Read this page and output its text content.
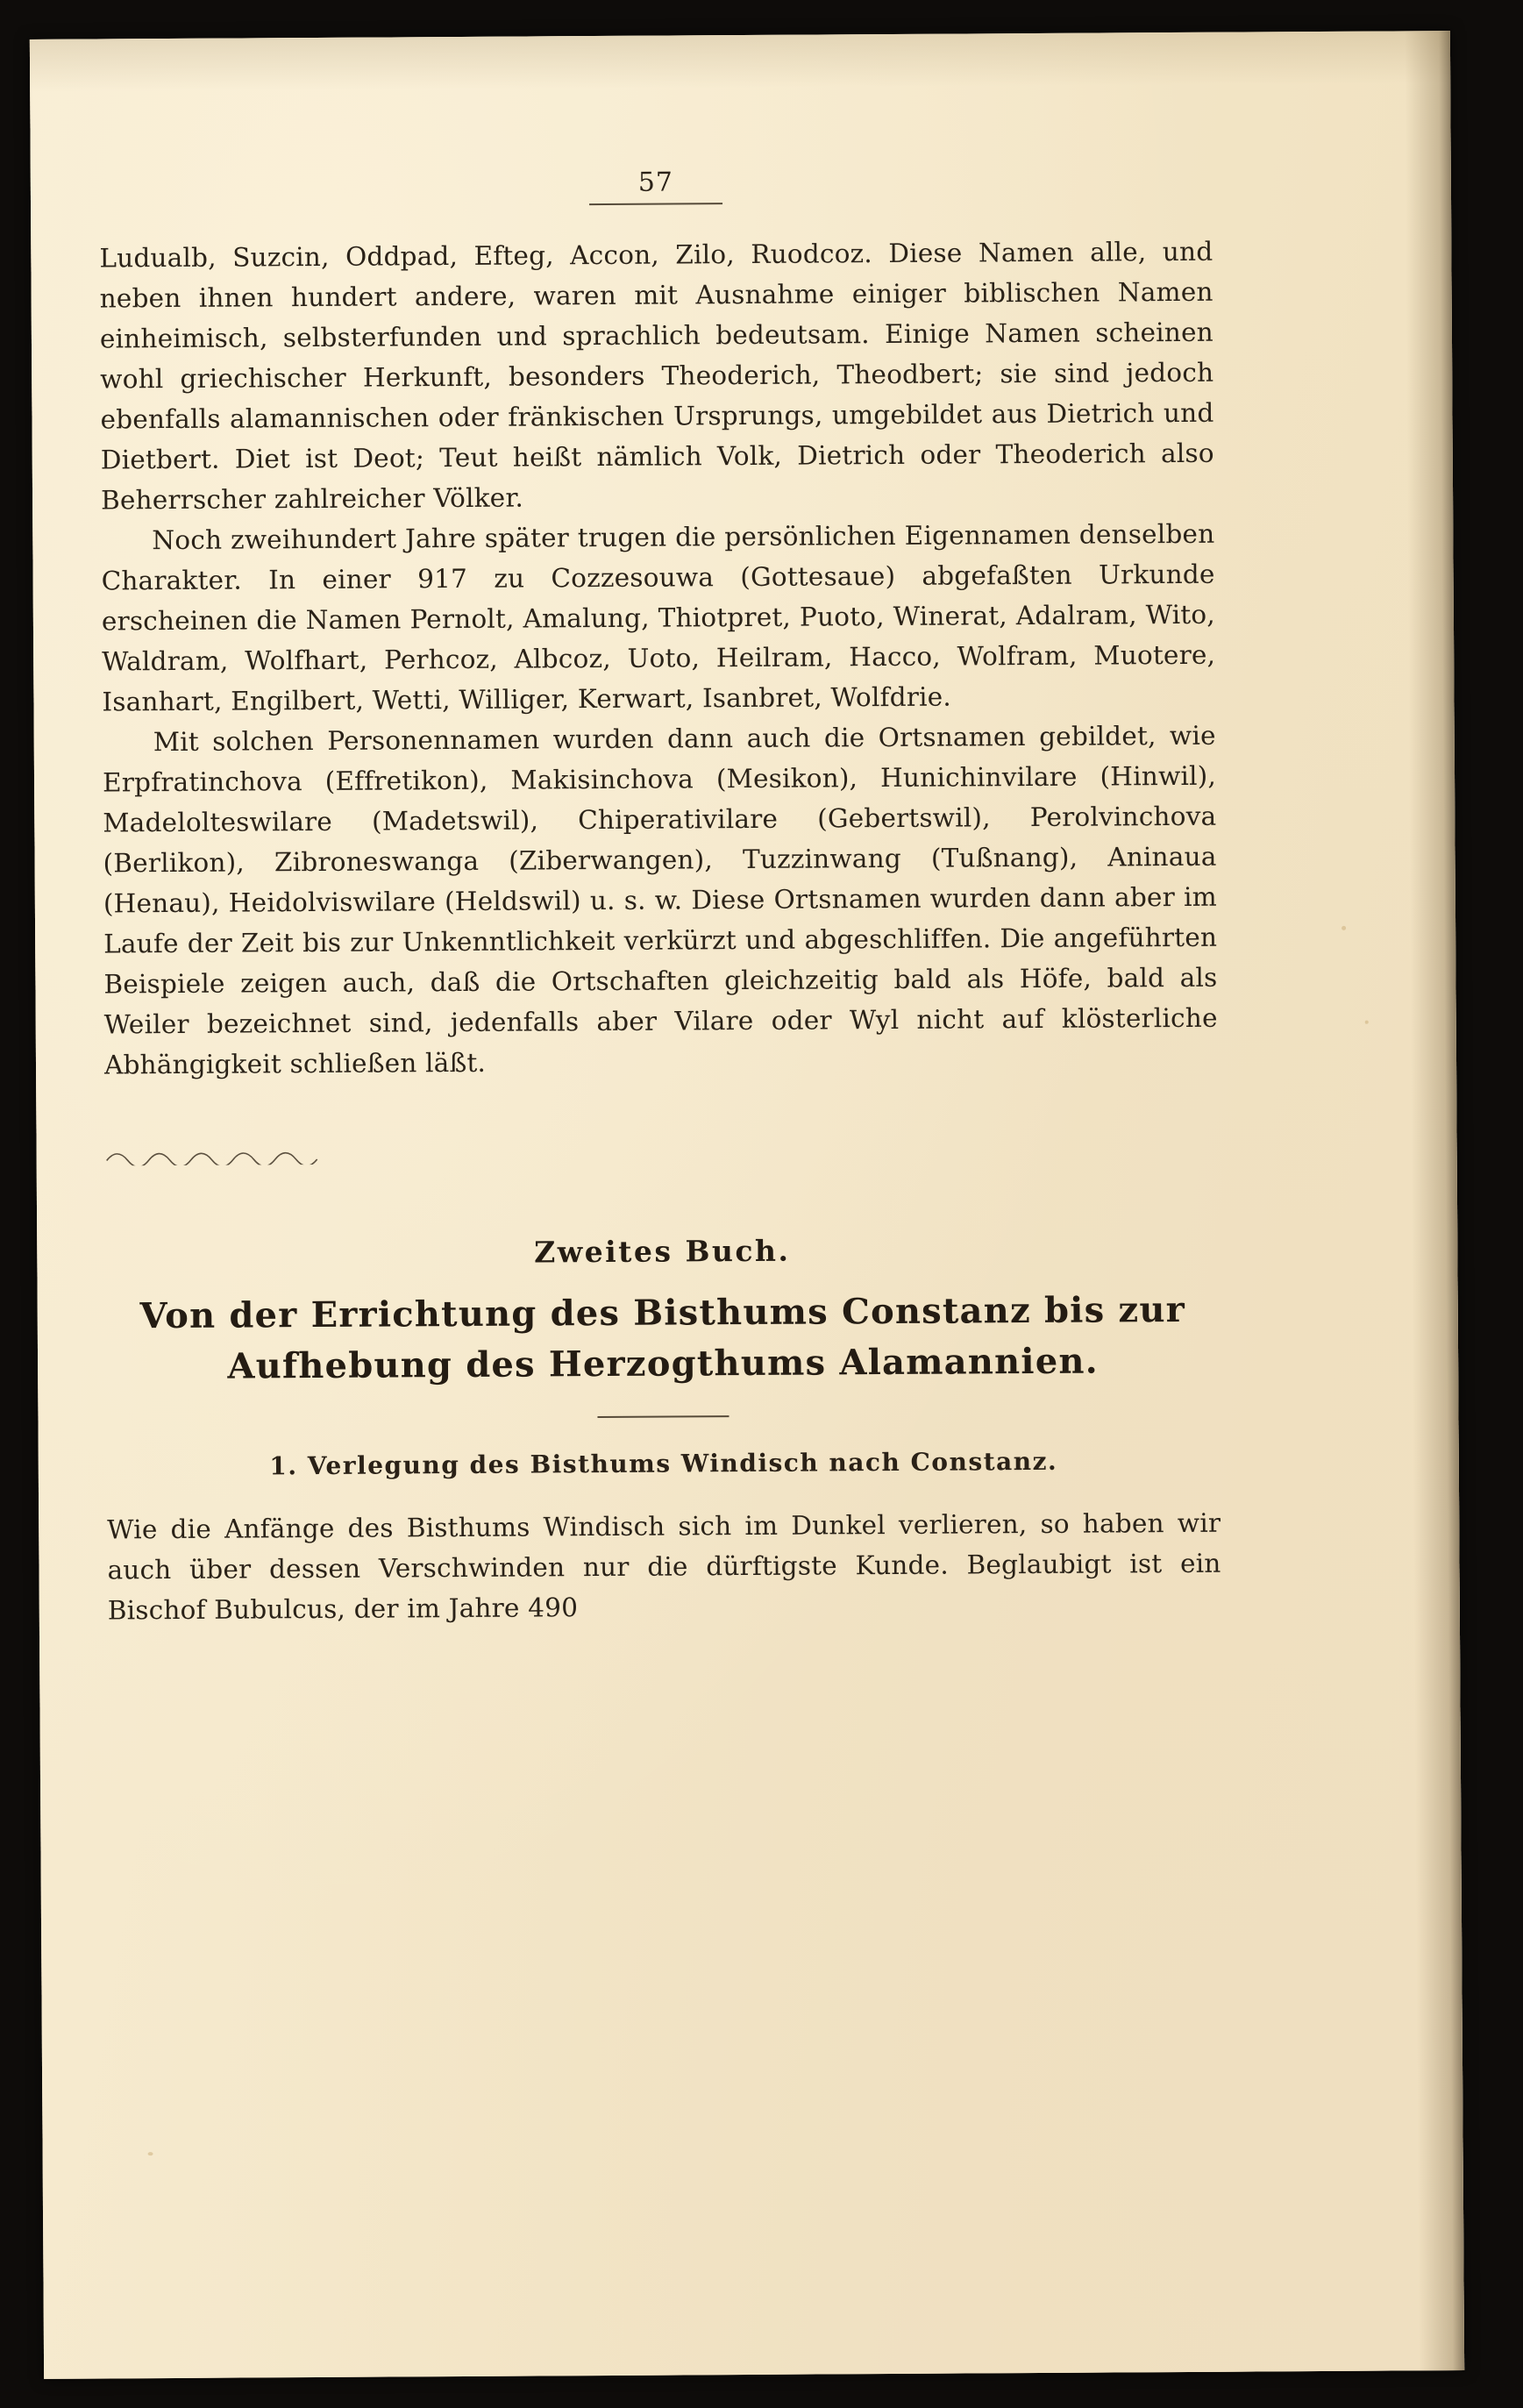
57

Ludualb, Suzcin, Oddpad, Efteg, Accon, Zilo, Ruodcoz. Diese Namen alle, und neben ihnen hundert andere, waren mit Ausnahme einiger biblischen Namen einheimisch, selbsterfunden und sprachlich bedeutsam. Einige Namen scheinen wohl griechischer Herkunft, besonders Theoderich, Theodbert; sie sind jedoch ebenfalls alamannischen oder fränkischen Ursprungs, umgebildet aus Dietrich und Dietbert. Diet ist Deot; Teut heißt nämlich Volk, Dietrich oder Theoderich also Beherrscher zahlreicher Völker.

Noch zweihundert Jahre später trugen die persönlichen Eigennamen denselben Charakter. In einer 917 zu Cozzesouwa (Gottesaue) abgefaßten Urkunde erscheinen die Namen Pernolt, Amalung, Thiotpret, Puoto, Winerat, Adalram, Wito, Waldram, Wolfhart, Perhcoz, Albcoz, Uoto, Heilram, Hacco, Wolfram, Muotere, Isanhart, Engilbert, Wetti, Williger, Kerwart, Isanbret, Wolfdrie.

Mit solchen Personennamen wurden dann auch die Ortsnamen gebildet, wie Erpfratinchova (Effretikon), Makisinchova (Mesikon), Hunichinvilare (Hinwil), Madelolteswilare (Madetswil), Chiperativilare (Gebertswil), Perolvinchova (Berlikon), Zibroneswanga (Ziberwangen), Tuzzinwang (Tußnang), Aninaua (Henau), Heidolviswilare (Heldswil) u. s. w. Diese Ortsnamen wurden dann aber im Laufe der Zeit bis zur Unkenntlichkeit verkürzt und abgeschliffen. Die angeführten Beispiele zeigen auch, daß die Ortschaften gleichzeitig bald als Höfe, bald als Weiler bezeichnet sind, jedenfalls aber Vilare oder Wyl nicht auf klösterliche Abhängigkeit schließen läßt.

Zweites Buch.
Von der Errichtung des Bisthums Constanz bis zur Aufhebung des Herzogthums Alamannien.
1. Verlegung des Bisthums Windisch nach Constanz.

Wie die Anfänge des Bisthums Windisch sich im Dunkel verlieren, so haben wir auch über dessen Verschwinden nur die dürftigste Kunde. Beglaubigt ist ein Bischof Bubulcus, der im Jahre 490
